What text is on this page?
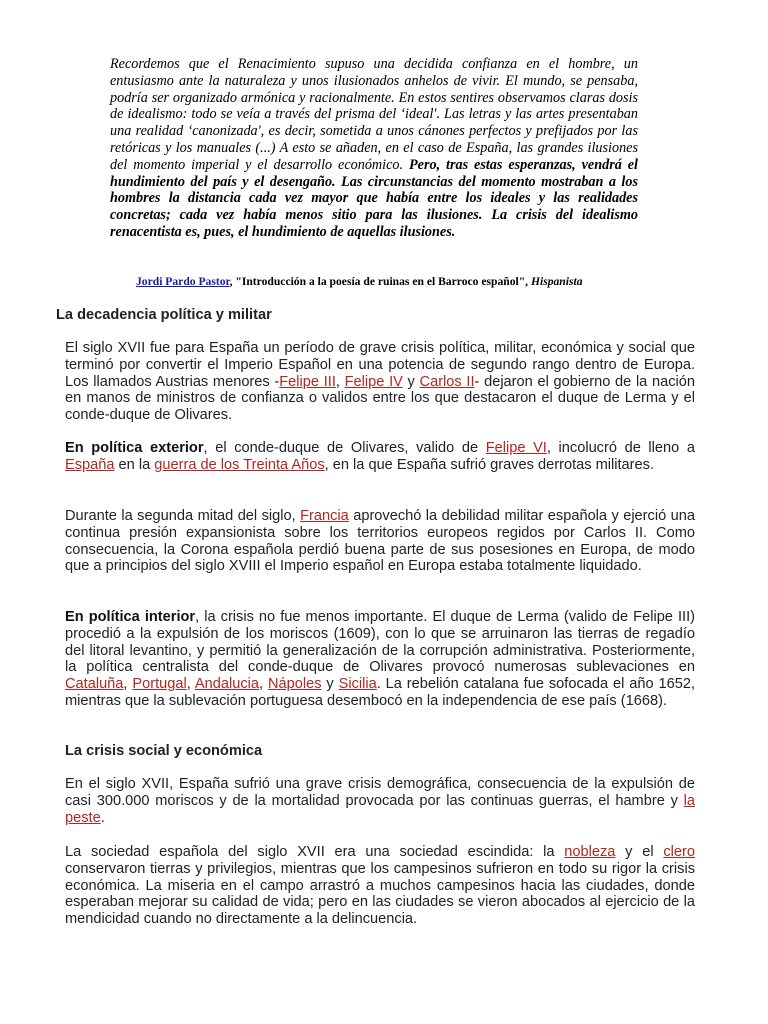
Recordemos que el Renacimiento supuso una decidida confianza en el hombre, un entusiasmo ante la naturaleza y unos ilusionados anhelos de vivir. El mundo, se pensaba, podría ser organizado armónica y racionalmente. En estos sentires observamos claras dosis de idealismo: todo se veía a través del prisma del ‘ideal'. Las letras y las artes presentaban una realidad ‘canonizada', es decir, sometida a unos cánones perfectos y prefijados por las retóricas y los manuales (...) A esto se añaden, en el caso de España, las grandes ilusiones del momento imperial y el desarrollo económico. Pero, tras estas esperanzas, vendrá el hundimiento del país y el desengaño. Las circunstancias del momento mostraban a los hombres la distancia cada vez mayor que había entre los ideales y las realidades concretas; cada vez había menos sitio para las ilusiones. La crisis del idealismo renacentista es, pues, el hundimiento de aquellas ilusiones.
Jordi Pardo Pastor, "Introducción a la poesía de ruinas en el Barroco español", Hispanista
La decadencia política y militar

El siglo XVII fue para España un período de grave crisis política, militar, económica y social que terminó por convertir el Imperio Español en una potencia de segundo rango dentro de Europa. Los llamados Austrias menores -Felipe III, Felipe IV y Carlos II- dejaron el gobierno de la nación en manos de ministros de confianza o validos entre los que destacaron el duque de Lerma y el conde-duque de Olivares.

En política exterior, el conde-duque de Olivares, valido de Felipe VI, incolucró de lleno a España en la guerra de los Treinta Años, en la que España sufrió graves derrotas militares.

Durante la segunda mitad del siglo, Francia aprovechó la debilidad militar española y ejerció una continua presión expansionista sobre los territorios europeos regidos por Carlos II. Como consecuencia, la Corona española perdió buena parte de sus posesiones en Europa, de modo que a principios del siglo XVIII el Imperio español en Europa estaba totalmente liquidado.

En política interior, la crisis no fue menos importante. El duque de Lerma (valido de Felipe III) procedió a la expulsión de los moriscos (1609), con lo que se arruinaron las tierras de regadío del litoral levantino, y permitió la generalización de la corrupción administrativa. Posteriormente, la política centralista del conde-duque de Olivares provocó numerosas sublevaciones en Cataluña, Portugal, Andalucia, Nápoles y Sicilia. La rebelión catalana fue sofocada el año 1652, mientras que la sublevación portuguesa desembocó en la independencia de ese país (1668).

La crisis social y económica

En el siglo XVII, España sufrió una grave crisis demográfica, consecuencia de la expulsión de casi 300.000 moriscos y de la mortalidad provocada por las continuas guerras, el hambre y la peste.

La sociedad española del siglo XVII era una sociedad escindida: la nobleza y el clero conservaron tierras y privilegios, mientras que los campesinos sufrieron en todo su rigor la crisis económica. La miseria en el campo arrastró a muchos campesinos hacia las ciudades, donde esperaban mejorar su calidad de vida; pero en las ciudades se vieron abocados al ejercicio de la mendicidad cuando no directamente a la delincuencia.
